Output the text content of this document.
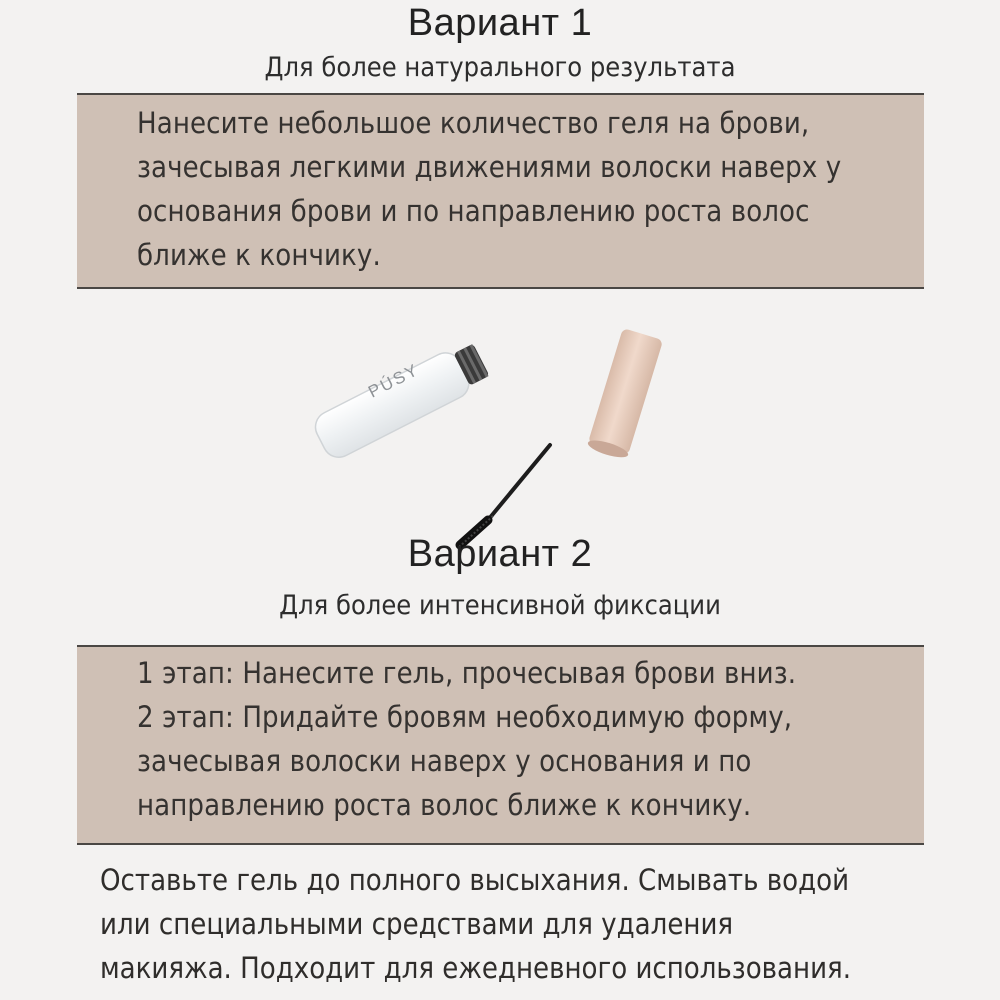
Вариант 1
Для более натурального результата

Нанесите небольшое количество геля на брови,

зачесывая легкими движениями волоски наверх у

основания брови и по направлению роста волос

ближе к кончику.

PÚSY
Вариант 2
Для более интенсивной фиксации

1 этап: Нанесите гель, прочесывая брови вниз.

2 этап: Придайте бровям необходимую форму,

зачесывая волоски наверх у основания и по

направлению роста волос ближе к кончику.

Оставьте гель до полного высыхания. Смывать водой

или специальными средствами для удаления

макияжа. Подходит для ежедневного использования.
